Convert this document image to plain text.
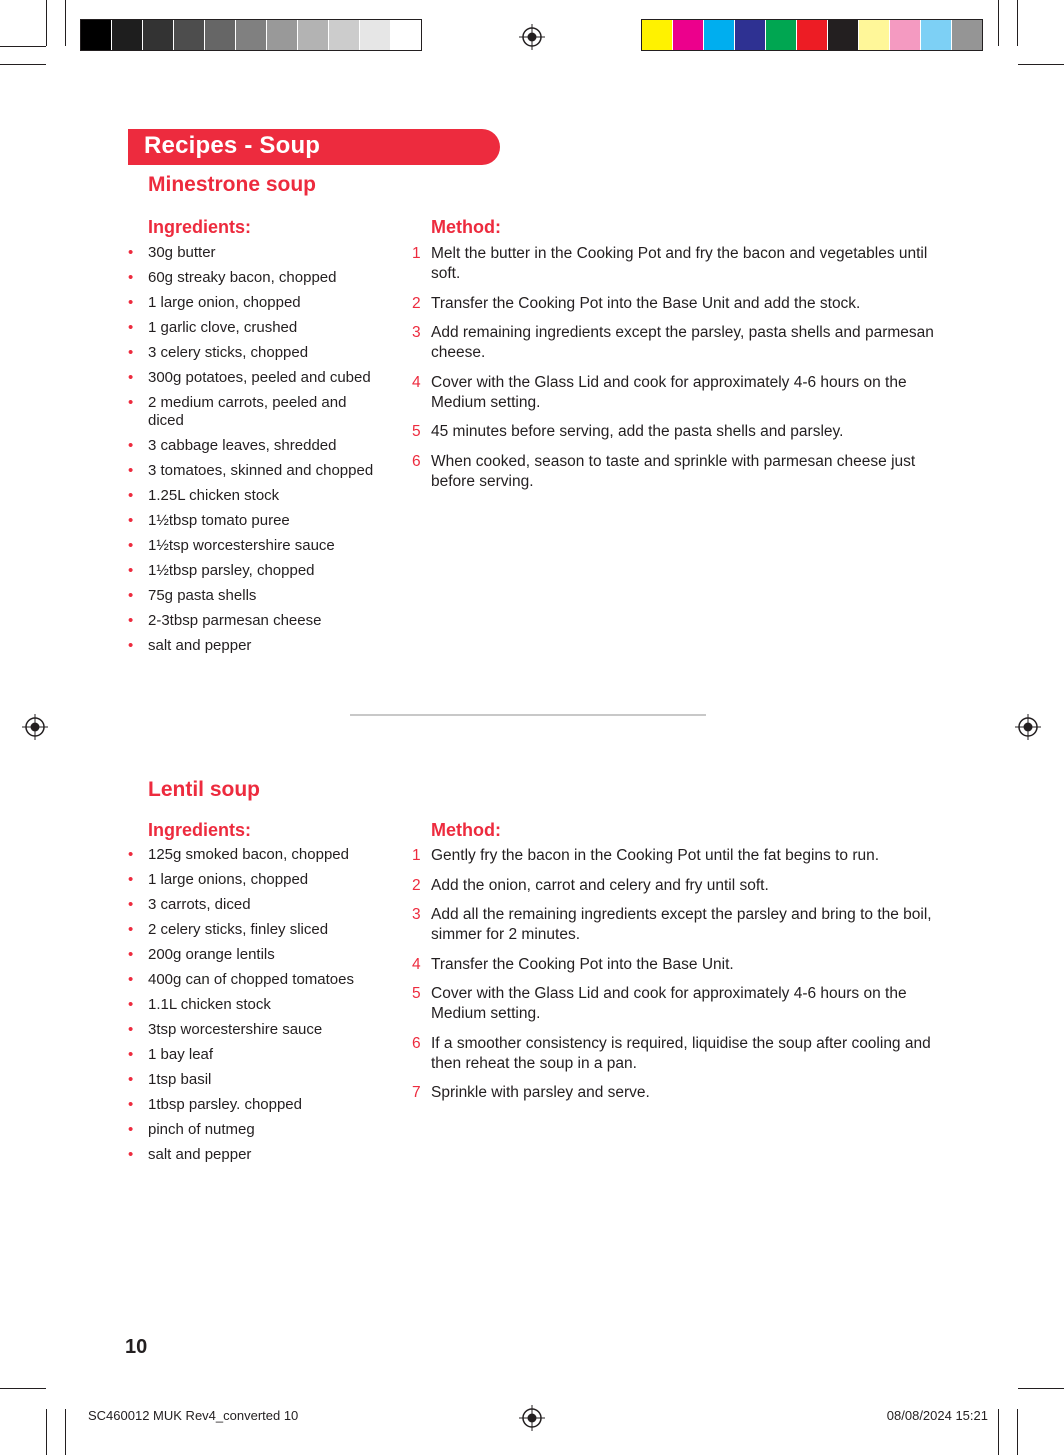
Recipes - Soup
Minestrone soup
Ingredients:	Method:
• 30g butter
• 60g streaky bacon, chopped
• 1 large onion, chopped
• 1 garlic clove, crushed
• 3 celery sticks, chopped
• 300g potatoes, peeled and cubed
• 2 medium carrots, peeled and diced
• 3 cabbage leaves, shredded
• 3 tomatoes, skinned and chopped
• 1.25L chicken stock
• 1½tbsp tomato puree
• 1½tsp worcestershire sauce
• 1½tbsp parsley, chopped
• 75g pasta shells
• 2-3tbsp parmesan cheese
• salt and pepper
1 Melt the butter in the Cooking Pot and fry the bacon and vegetables until soft.
2 Transfer the Cooking Pot into the Base Unit and add the stock.
3 Add remaining ingredients except the parsley, pasta shells and parmesan cheese.
4 Cover with the Glass Lid and cook for approximately 4-6 hours on the Medium setting.
5 45 minutes before serving, add the pasta shells and parsley.
6 When cooked, season to taste and sprinkle with parmesan cheese just before serving.
Lentil soup
Ingredients:	Method:
• 125g smoked bacon, chopped
• 1 large onions, chopped
• 3 carrots, diced
• 2 celery sticks, finley sliced
• 200g orange lentils
• 400g can of chopped tomatoes
• 1.1L chicken stock
• 3tsp worcestershire sauce
• 1 bay leaf
• 1tsp basil
• 1tbsp parsley. chopped
• pinch of nutmeg
• salt and pepper
1 Gently fry the bacon in the Cooking Pot until the fat begins to run.
2 Add the onion, carrot and celery and fry until soft.
3 Add all the remaining ingredients except the parsley and bring to the boil, simmer for 2 minutes.
4 Transfer the Cooking Pot into the Base Unit.
5 Cover with the Glass Lid and cook for approximately 4-6 hours on the Medium setting.
6 If a smoother consistency is required, liquidise the soup after cooling and then reheat the soup in a pan.
7 Sprinkle with parsley and serve.
10
SC460012 MUK Rev4_converted 10	08/08/2024 15:21
